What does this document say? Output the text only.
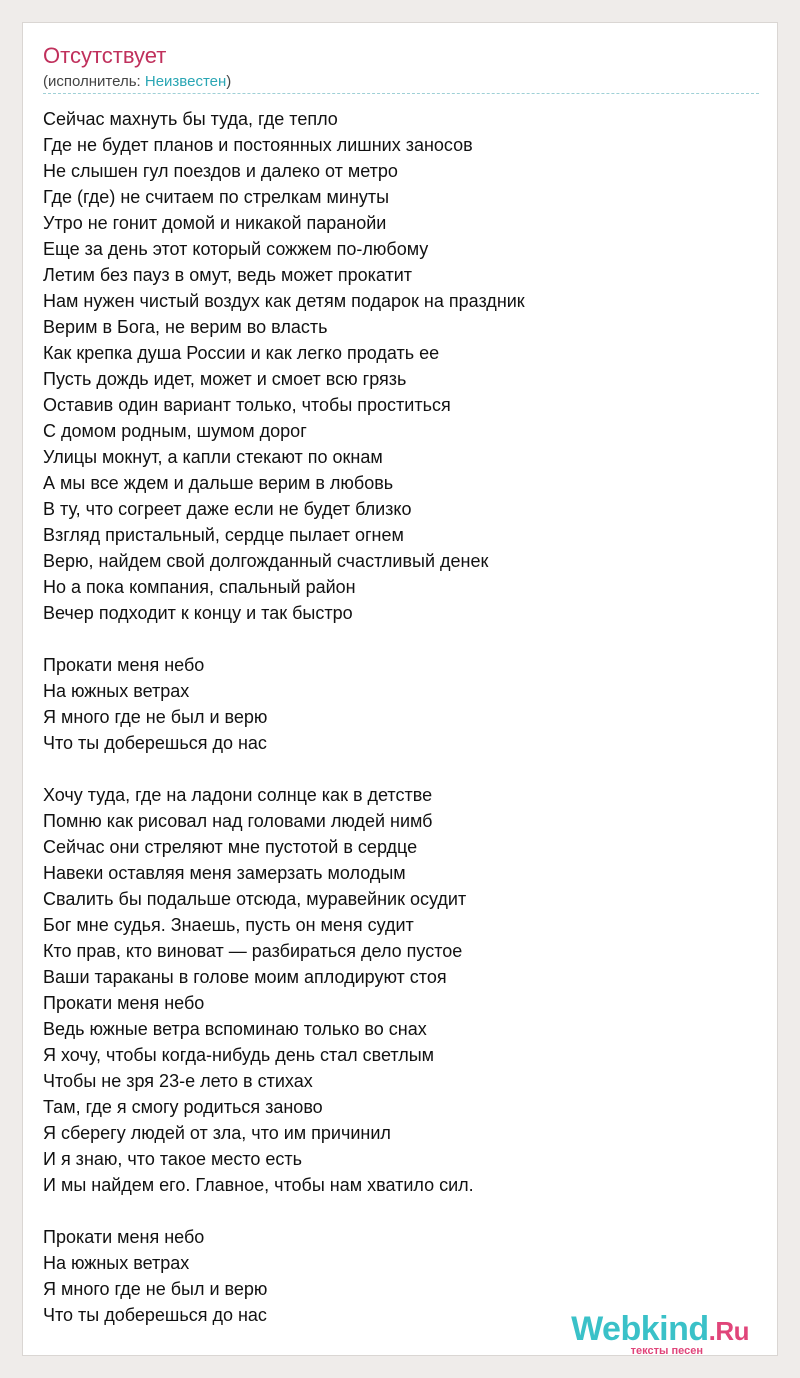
Отсутствует
(исполнитель: Неизвестен)
Сейчас махнуть бы туда, где тепло
Где не будет планов и постоянных лишних заносов
Не слышен гул поездов и далеко от метро
Где (где) не считаем по стрелкам минуты
Утро не гонит домой и никакой паранойи
Еще за день этот который сожжем по-любому
Летим без пауз в омут, ведь может прокатит
Нам нужен чистый воздух как детям подарок на праздник
Верим в Бога, не верим во власть
Как крепка душа России и как легко продать ее
Пусть дождь идет, может и смоет всю грязь
Оставив один вариант только, чтобы проститься
С домом родным, шумом дорог
Улицы мокнут, а капли стекают по окнам
А мы все ждем и дальше верим в любовь
В ту, что согреет даже если не будет близко
Взгляд пристальный, сердце пылает огнем
Верю, найдем свой долгожданный счастливый денек
Но а пока компания, спальный район
Вечер подходит к концу и так быстро
Прокати меня небо
На южных ветрах
Я много где не был и верю
Что ты доберешься до нас
Хочу туда, где на ладони солнце как в детстве
Помню как рисовал над головами людей нимб
Сейчас они стреляют мне пустотой в сердце
Навеки оставляя меня замерзать молодым
Свалить бы подальше отсюда, муравейник осудит
Бог мне судья. Знаешь, пусть он меня судит
Кто прав, кто виноват — разбираться дело пустое
Ваши тараканы в голове моим аплодируют стоя
Прокати меня небо
Ведь южные ветра вспоминаю только во снах
Я хочу, чтобы когда-нибудь день стал светлым
Чтобы не зря 23-е лето в стихах
Там, где я смогу родиться заново
Я сберегу людей от зла, что им причинил
И я знаю, что такое место есть
И мы найдем его. Главное, чтобы нам хватило сил.
Прокати меня небо
На южных ветрах
Я много где не был и верю
Что ты доберешься до нас	Webkind.Ru
тексты песен
